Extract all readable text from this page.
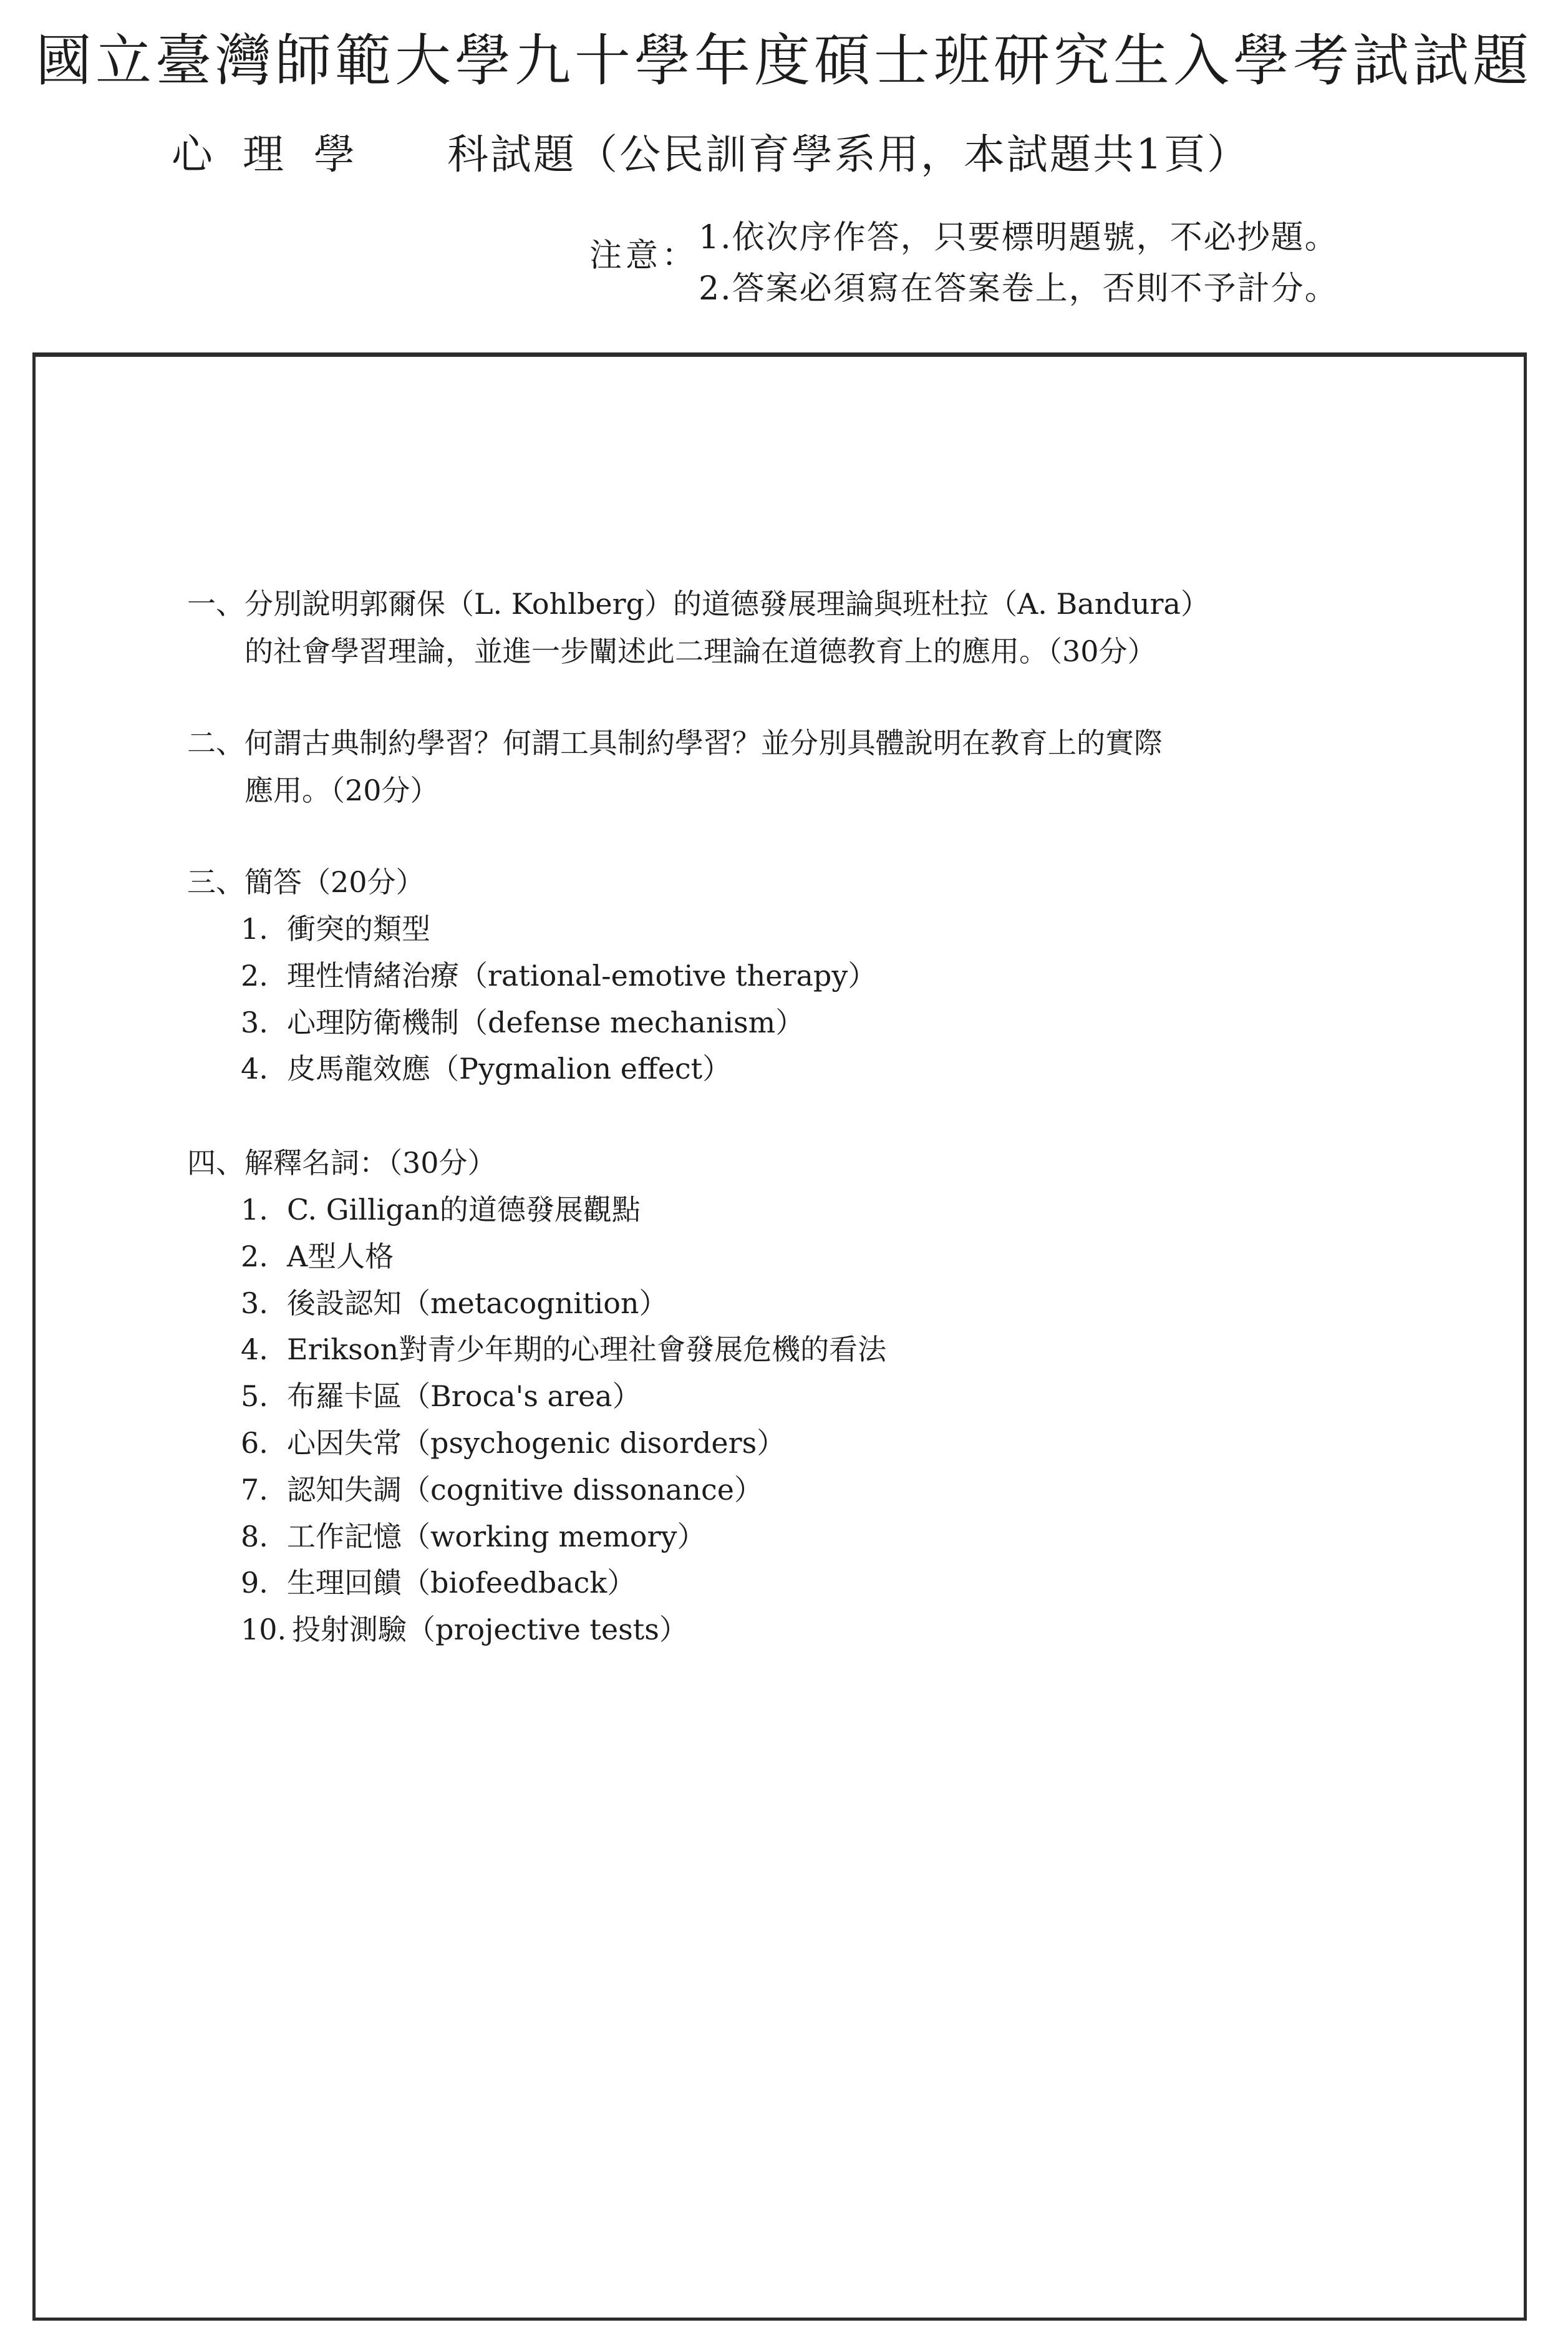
國立臺灣師範大學九十學年度碩士班研究生入學考試試題

心理學 科試題（公民訓育學系用，本試題共1頁）

注意： 1.依次序作答，只要標明題號，不必抄題。
2.答案必須寫在答案卷上，否則不予計分。
一、分別說明郭爾保（L. Kohlberg）的道德發展理論與班杜拉（A. Bandura）
的社會學習理論，並進一步闡述此二理論在道德教育上的應用。（30分）
二、何謂古典制約學習？何謂工具制約學習？並分別具體說明在教育上的實際
應用。（20分）
三、簡答（20分）
1. 衝突的類型
2. 理性情緒治療（rational-emotive therapy）
3. 心理防衛機制（defense mechanism）
4. 皮馬龍效應（Pygmalion effect）
四、解釋名詞：（30分）
1. C. Gilligan的道德發展觀點
2. A型人格
3. 後設認知（metacognition）
4. Erikson對青少年期的心理社會發展危機的看法
5. 布羅卡區（Broca's area）
6. 心因失常（psychogenic disorders）
7. 認知失調（cognitive dissonance）
8. 工作記憶（working memory）
9. 生理回饋（biofeedback）
10. 投射測驗（projective tests）
